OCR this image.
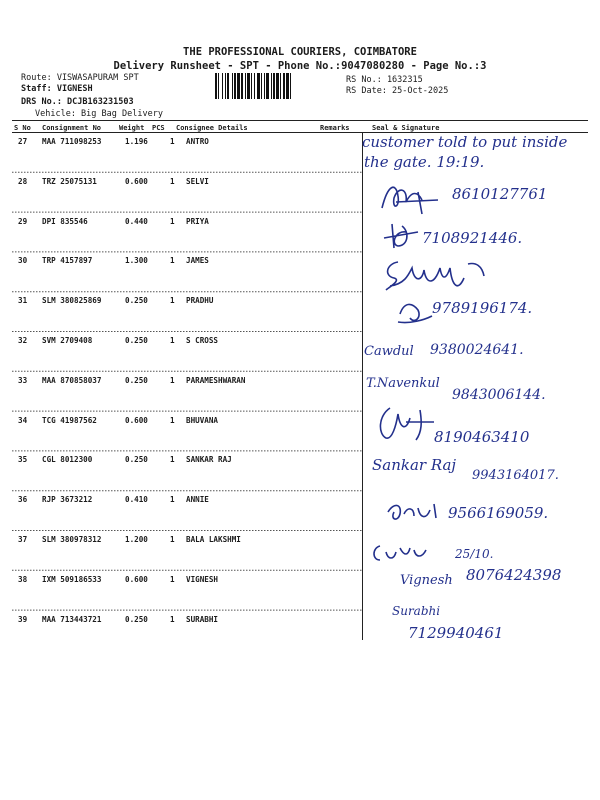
THE PROFESSIONAL COURIERS, COIMBATORE
Delivery Runsheet - SPT - Phone No.:9047080280 - Page No.:3
Route: VISWASAPURAM SPT
Staff: VIGNESH
DRS No.: DCJB163231503
Vehicle: Big Bag Delivery
RS No.: 1632315
RS Date: 25-Oct-2025
S No Consignment No	Weight PCS Consignee Details	Remarks	Seal & Signature
27 MAA 711098253	1.196	1 ANTRO
28 TRZ 25075131	0.600	1 SELVI
29 DPI 835546	0.440	1 PRIYA
30 TRP 4157897	1.300	1 JAMES
31 SLM 380825869	0.250	1 PRADHU
32 SVM 2709408	0.250	1 S CROSS
33 MAA 870858037	0.250	1 PARAMESHWARAN
34 TCG 41987562	0.600	1 BHUVANA
35 CGL 8012300	0.250	1 SANKAR RAJ
36 RJP 3673212	0.410	1 ANNIE
37 SLM 380978312	1.200	1 BALA LAKSHMI
38 IXM 509186533	0.600	1 VIGNESH
39 MAA 713443721	0.250	1 SURABHI
customer told to put inside
the gate. 19:19.
8610127761
7108921446.
9789196174.
Cawdul 9380024641.
T.Navenkul
9843006144.
8190463410
Sankar Raj
9943164017.
9566169059.
25/10.
Vignesh 8076424398
Surabhi
7129940461
